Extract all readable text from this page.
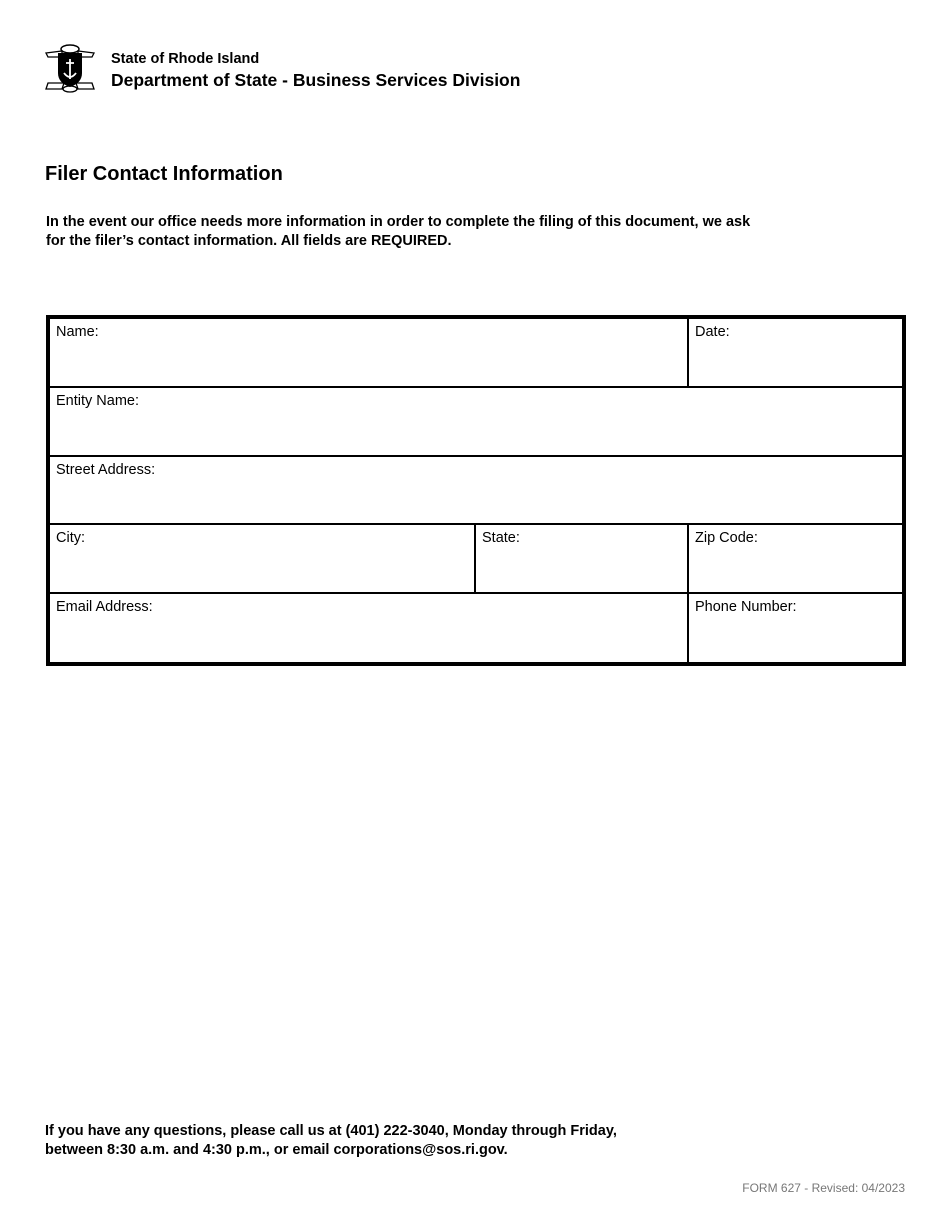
State of Rhode Island
Department of State - Business Services Division
Filer Contact Information
In the event our office needs more information in order to complete the filing of this document, we ask
for the filer’s contact information. All fields are REQUIRED.
Name:	Date:
Entity Name:
Street Address:
City:	State:	Zip Code:
Email Address:	Phone Number:
If you have any questions, please call us at (401) 222-3040, Monday through Friday,
between 8:30 a.m. and 4:30 p.m., or email corporations@sos.ri.gov.
FORM 627 - Revised: 04/2023
